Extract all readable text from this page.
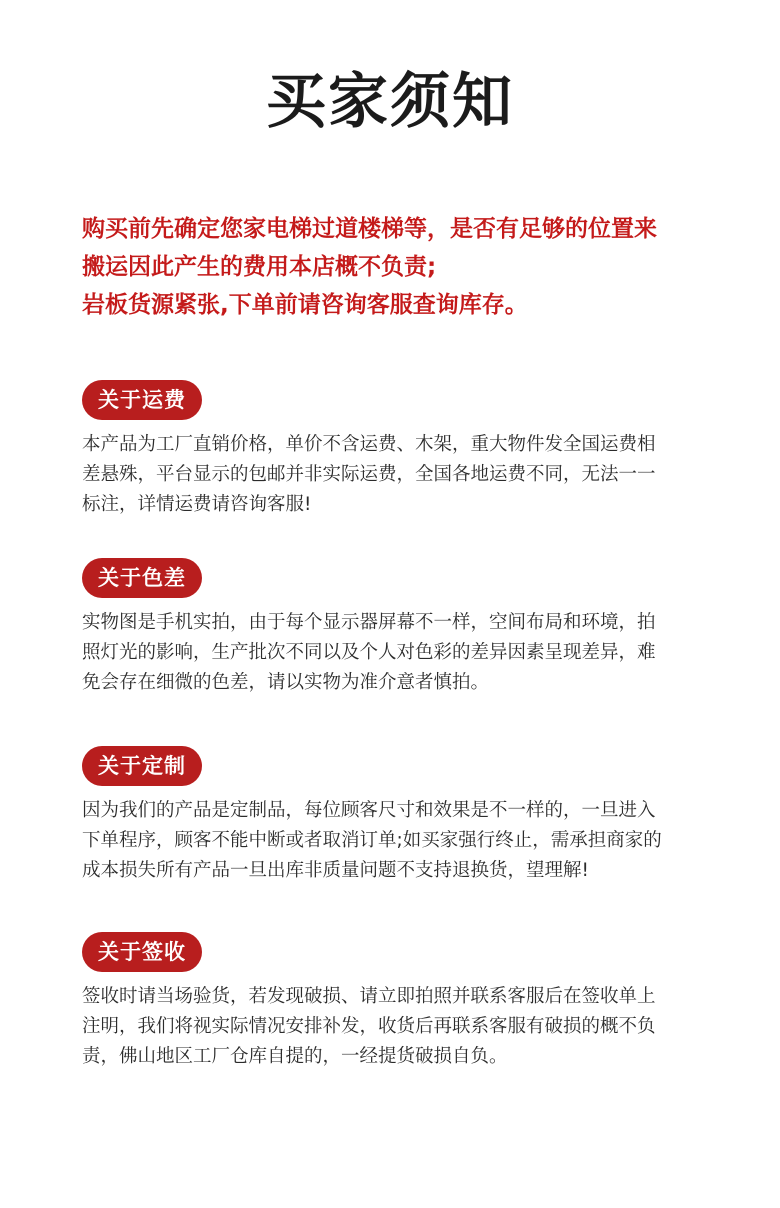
买家须知
购买前先确定您家电梯过道楼梯等，是否有足够的位置来
搬运因此产生的费用本店概不负责;
岩板货源紧张,下单前请咨询客服查询库存。
关于运费
本产品为工厂直销价格，单价不含运费、木架，重大物件发全国运费相
差悬殊，平台显示的包邮并非实际运费，全国各地运费不同，无法一一
标注，详情运费请咨询客服!
关于色差
实物图是手机实拍，由于每个显示器屏幕不一样，空间布局和环境，拍
照灯光的影响，生产批次不同以及个人对色彩的差异因素呈现差异，难
免会存在细微的色差，请以实物为准介意者慎拍。
关于定制
因为我们的产品是定制品，每位顾客尺寸和效果是不一样的，一旦进入
下单程序，顾客不能中断或者取消订单;如买家强行终止，需承担商家的
成本损失所有产品一旦出库非质量问题不支持退换货，望理解!
关于签收
签收时请当场验货，若发现破损、请立即拍照并联系客服后在签收单上
注明，我们将视实际情况安排补发，收货后再联系客服有破损的概不负
责，佛山地区工厂仓库自提的，一经提货破损自负。
